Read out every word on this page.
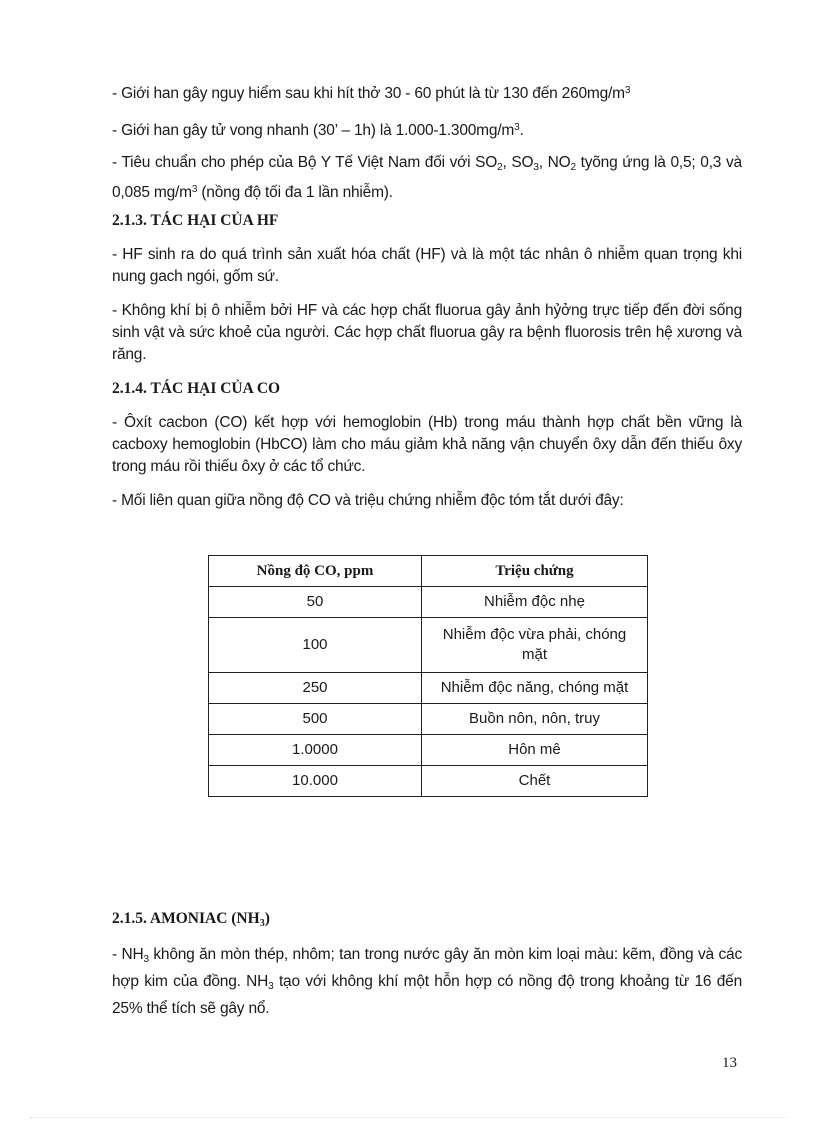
- Giới han gây nguy hiểm sau khi hít thở 30 - 60 phút là từ 130 đến $260mg/m^3$

- Giới han gây tử vong nhanh (30’ – 1h) là $1.000-1.300mg/m^3$.

- Tiêu chuẩn cho phép của Bộ Y Tế Việt Nam đối với $SO_2$, $SO_3$, $NO_2$ tyõng ứng là 0,5; 0,3 và 0,085 $mg/m^3$ (nồng độ tối đa 1 lần nhiễm).

2.1.3. TÁC HẠI CỦA HF

- HF sinh ra do quá trình sản xuất hóa chất (HF) và là một tác nhân ô nhiễm quan trọng khi nung gach ngói, gốm sứ.

- Không khí bị ô nhiễm bởi HF và các hợp chất fluorua gây ảnh hỷởng trực tiếp đến đời sống sinh vật và sức khoẻ của người. Các hợp chất fluorua gây ra bệnh fluorosis trên hệ xương và răng.

2.1.4. TÁC HẠI CỦA CO

- Ôxít cacbon (CO) kết hợp với hemoglobin (Hb) trong máu thành hợp chất bền vững là cacboxy hemoglobin (HbCO) làm cho máu giảm khả năng vận chuyển ôxy dẫn đến thiếu ôxy trong máu rồi thiếu ôxy ở các tổ chức.

- Mối liên quan giữa nồng độ CO và triệu chứng nhiễm độc tóm tắt dưới đây:

Nồng độ CO, ppm	Triệu chứng
50	Nhiễm độc nhẹ
100	Nhiễm độc vừa phải, chóng mặt
250	Nhiễm độc năng, chóng mặt
500	Buồn nôn, nôn, truy
1.0000	Hôn mê
10.000	Chết
2.1.5. AMONIAC $(NH_3)$

- $NH_3$ không ăn mòn thép, nhôm; tan trong nước gây ăn mòn kim loại màu: kẽm, đồng và các hợp kim của đồng. $NH_3$ tạo với không khí một hỗn hợp có nồng độ trong khoảng từ 16 đến 25% thể tích sẽ gây nổ.

13
